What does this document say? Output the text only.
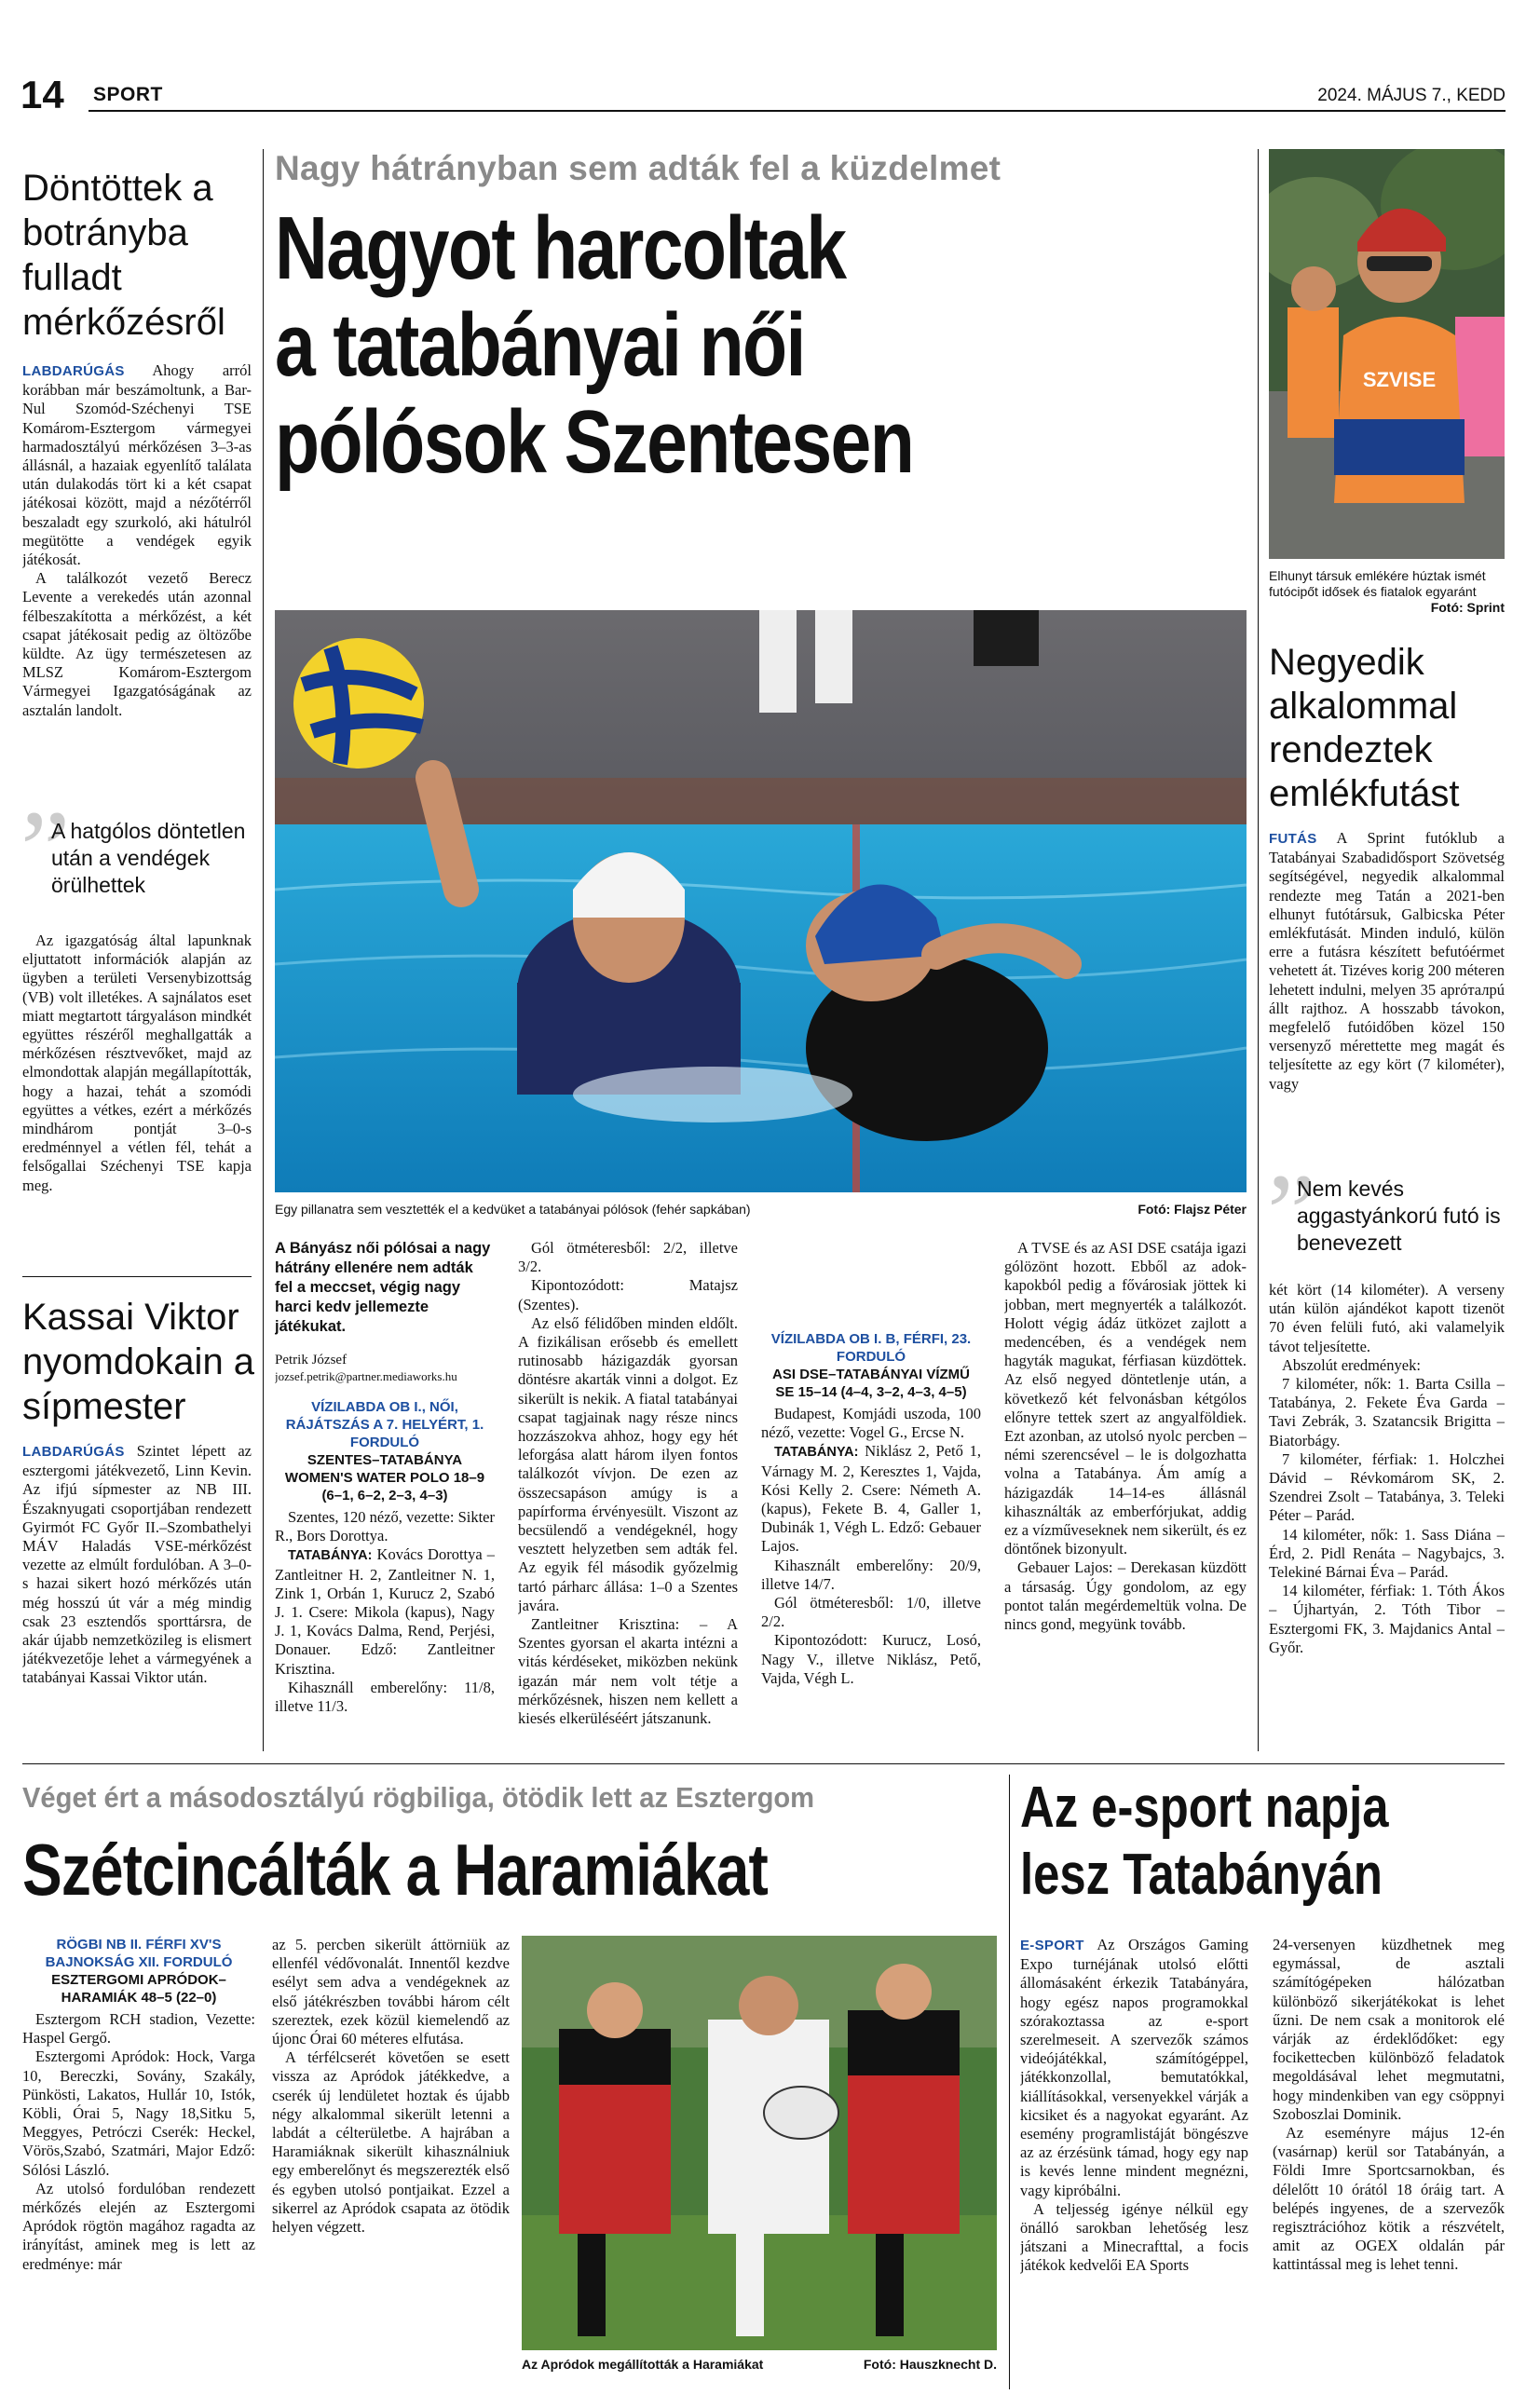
14 SPORT	2024. MÁJUS 7., KEDD
Döntöttek a botrányba fulladt mérkőzésről

LABDARÚGÁS Ahogy arról korábban már beszámoltunk, a Bar-Nul Szomód-Széchenyi TSE Komárom-Esztergom vármegyei harmadosztályú mérkőzésen 3–3-as állásnál, a hazaiak egyenlítő találata után dulakodás tört ki a két csapat játékosai között, majd a nézőtérről beszaladt egy szurkoló, aki hátulról megütötte a vendégek egyik játékosát.

A találkozót vezető Berecz Levente a verekedés után azonnal félbeszakította a mérkőzést, a két csapat játékosait pedig az öltözőbe küldte. Az ügy természetesen az MLSZ Komárom-Esztergom Vármegyei Igazgatóságának az asztalán landolt.

”
A hatgólos döntetlen után a vendégek örülhettek

Az igazgatóság által lapunknak eljuttatott információk alapján az ügyben a területi Versenybizottság (VB) volt illetékes. A sajnálatos eset miatt megtartott tárgyaláson mindkét együttes részéről meghallgatták a mérkőzésen résztvevőket, majd az elmondottak alapján megállapították, hogy a hazai, tehát a szomódi együttes a vétkes, ezért a mérkőzés mindhárom pontját 3–0-s eredménnyel a vétlen fél, tehát a felsőgallai Széchenyi TSE kapja meg.

Kassai Viktor nyomdokain a sípmester

LABDARÚGÁS Szintet lépett az esztergomi játékvezető, Linn Kevin. Az ifjú sípmester az NB III. Északnyugati csoportjában rendezett Gyirmót FC Győr II.–Szombathelyi MÁV Haladás VSE-mérkőzést vezette az elmúlt fordulóban. A 3–0-s hazai sikert hozó mérkőzés után még hosszú út vár a még mindig csak 23 esztendős sporttársra, de akár újabb nemzetközileg is elismert játékvezetője lehet a vármegyének a tatabányai Kassai Viktor után.

Nagy hátrányban sem adták fel a küzdelmet
Nagyot harcoltak
a tatabányai női
pólósok Szentesen
Egy pillanatra sem vesztették el a kedvüket a tatabányai pólósok (fehér sapkában)	Fotó: Flajsz Péter
A Bányász női pólósai a nagy hátrány ellenére nem adták fel a meccset, végig nagy harci kedv jellemezte játékukat.
Petrik József
jozsef.petrik@partner.mediaworks.hu
VÍZILABDA OB I., NŐI, RÁJÁTSZÁS A 7. HELYÉRT, 1. FORDULÓ
SZENTES–TATABÁNYA WOMEN'S WATER POLO 18–9
(6–1, 6–2, 2–3, 4–3)

Szentes, 120 néző, vezette: Sikter R., Bors Dorottya.

TATABÁNYA: Kovács Dorottya – Zantleitner H. 2, Zantleitner N. 1, Zink 1, Orbán 1, Kurucz 2, Szabó J. 1. Csere: Mikola (kapus), Nagy J. 1, Kovács Dalma, Rend, Perjési, Donauer. Edző: Zantleitner Krisztina.

Kihasználl emberelőny: 11/8, illetve 11/3.

Gól ötméteresből: 2/2, illetve 3/2.

Kipontozódott: Matajsz (Szentes).

Az első félidőben minden eldőlt. A fizikálisan erősebb és emellett rutinosabb házigazdák gyorsan döntésre akarták vinni a dolgot. Ez sikerült is nekik. A fiatal tatabányai csapat tagjainak nagy része nincs hozzászokva ahhoz, hogy egy hét leforgása alatt három ilyen fontos találkozót vívjon. De ezen az összecsapáson amúgy is a papírforma érvényesült. Viszont az becsülendő a vendégeknél, hogy vesztett helyzetben sem adták fel. Az egyik fél második győzelmig tartó párharc állása: 1–0 a Szentes javára.

Zantleitner Krisztina: – A Szentes gyorsan el akarta intézni a vitás kérdéseket, miközben nekünk igazán már nem volt tétje a mérkőzésnek, hiszen nem kellett a kiesés elkerüléséért játszanunk.

VÍZILABDA OB I. B, FÉRFI, 23. FORDULÓ
ASI DSE–TATABÁNYAI VÍZMŰ SE 15–14 (4–4, 3–2, 4–3, 4–5)

Budapest, Komjádi uszoda, 100 néző, vezette: Vogel G., Ercse N.

TATABÁNYA: Niklász 2, Pető 1, Várnagy M. 2, Keresztes 1, Vajda, Kósi Kelly 2. Csere: Németh A. (kapus), Fekete B. 4, Galler 1, Dubinák 1, Végh L. Edző: Gebauer Lajos.

Kihasznált emberelőny: 20/9, illetve 14/7.

Gól ötméteresből: 1/0, illetve 2/2.

Kipontozódott: Kurucz, Losó, Nagy V., illetve Niklász, Pető, Vajda, Végh L.

A TVSE és az ASI DSE csatája igazi gólözönt hozott. Ebből az adok-kapokból pedig a fővárosiak jöttek ki jobban, mert megnyerték a találkozót. Holott végig ádáz ütközet zajlott a medencében, és a vendégek nem hagyták magukat, férfiasan küzdöttek. Az első negyed döntetlenje után, a következő két felvonásban kétgólos előnyre tettek szert az angyalföldiek. Ezt azonban, az utolsó nyolc percben – némi szerencsével – le is dolgozhatta volna a Tatabánya. Ám amíg a házigazdák 14–14-es állásnál kihasználták az emberfórjukat, addig ez a vízműveseknek nem sikerült, és ez döntőnek bizonyult.

Gebauer Lajos: – Derekasan küzdött a társaság. Úgy gondolom, az egy pontot talán megérdemeltük volna. De nincs gond, megyünk tovább.

SZVISE
Elhunyt társuk emlékére húztak ismét futócipőt idősek és fiatalok egyaránt
Fotó: Sprint
Negyedik alkalommal rendeztek emlékfutást

FUTÁS A Sprint futóklub a Tatabányai Szabadidősport Szövetség segítségével, negyedik alkalommal rendezte meg Tatán a 2021-ben elhunyt futótársuk, Galbicska Péter emlékfutását. Minden induló, külön erre a futásra készített befutóérmet vehetett át. Tizéves korig 200 méteren lehetett indulni, melyen 35 apróталpú állt rajthoz. A hosszabb távokon, megfelelő futóidőben közel 150 versenyző mérettette meg magát és teljesítette az egy kört (7 kilométer), vagy

”
Nem kevés aggastyánkorú futó is benevezett

két kört (14 kilométer). A verseny után külön ajándékot kapott tizenöt 70 éven felüli futó, aki valamelyik távot teljesítette.

Abszolút eredmények:

7 kilométer, nők: 1. Barta Csilla – Tatabánya, 2. Fekete Éva Garda – Tavi Zebrák, 3. Szatancsik Brigitta – Biatorbágy.

7 kilométer, férfiak: 1. Holczhei Dávid – Révkomárom SK, 2. Szendrei Zsolt – Tatabánya, 3. Teleki Péter – Parád.

14 kilométer, nők: 1. Sass Diána – Érd, 2. Pidl Renáta – Nagybajcs, 3. Telekiné Bárnai Éva – Parád.

14 kilométer, férfiak: 1. Tóth Ákos – Újhartyán, 2. Tóth Tibor – Esztergomi FK, 3. Majdanics Antal – Győr.

Véget ért a másodosztályú rögbiliga, ötödik lett az Esztergom
Szétcincálták a Haramiákat
RÖGBI NB II. FÉRFI XV'S BAJNOKSÁG XII. FORDULÓ
ESZTERGOMI APRÓDOK–HARAMIÁK 48–5 (22–0)

Esztergom RCH stadion, Vezette: Haspel Gergő.

Esztergomi Apródok: Hock, Varga 10, Bereczki, Sovány, Szakály, Pünkösti, Lakatos, Hullár 10, Istók, Köbli, Órai 5, Nagy 18,Sitku 5, Meggyes, Petróczi Cserék: Heckel, Vörös,Szabó, Szatmári, Major Edző: Sólósi László.

Az utolsó fordulóban rendezett mérkőzés elején az Esztergomi Apródok rögtön magához ragadta az irányítást, aminek meg is lett az eredménye: már

az 5. percben sikerült áttörniük az ellenfél védővonalát. Innentől kezdve esélyt sem adva a vendégeknek az első játékrészben további három célt szereztek, ezek közül kiemelendő az újonc Órai 60 méteres elfutása.

A térfélcserét követően se esett vissza az Apródok játékkedve, a cserék új lendületet hoztak és újabb négy alkalommal sikerült letenni a labdát a célterületbe. A hajrában a Haramiáknak sikerült kihasználniuk egy emberelőnyt és megszerezték első és egyben utolsó pontjaikat. Ezzel a sikerrel az Apródok csapata az ötödik helyen végzett.

Az Apródok megállították a Haramiákat	Fotó: Hauszknecht D.
Az e-sport napja
lesz Tatabányán

E-SPORT Az Országos Gaming Expo turnéjának utolsó előtti állomásaként érkezik Tatabányára, hogy egész napos programokkal szórakoztassa az e-sport szerelmeseit. A szervezők számos videójátékkal, számítógéppel, játékkonzollal, bemutatókkal, kiállításokkal, versenyekkel várják a kicsiket és a nagyokat egyaránt. Az esemény programlistáját böngészve az az érzésünk támad, hogy egy nap is kevés lenne mindent megnézni, vagy kipróbálni.

A teljesség igénye nélkül egy önálló sarokban lehetőség lesz játszani a Minecrafttal, a focis játékok kedvelői EA Sports

24-versenyen küzdhetnek meg egymással, de asztali számítógépeken hálózatban különböző sikerjátékokat is lehet űzni. De nem csak a monitorok elé várják az érdeklődőket: egy focikettecben különböző feladatok megoldásával lehet megmutatni, hogy mindenkiben van egy csöppnyi Szoboszlai Dominik.

Az eseményre május 12-én (vasárnap) kerül sor Tatabányán, a Földi Imre Sportcsarnokban, és délelőtt 10 órától 18 óráig tart. A belépés ingyenes, de a szervezők regisztrációhoz kötik a részvételt, amit az OGEX oldalán pár kattintással meg is lehet tenni.
